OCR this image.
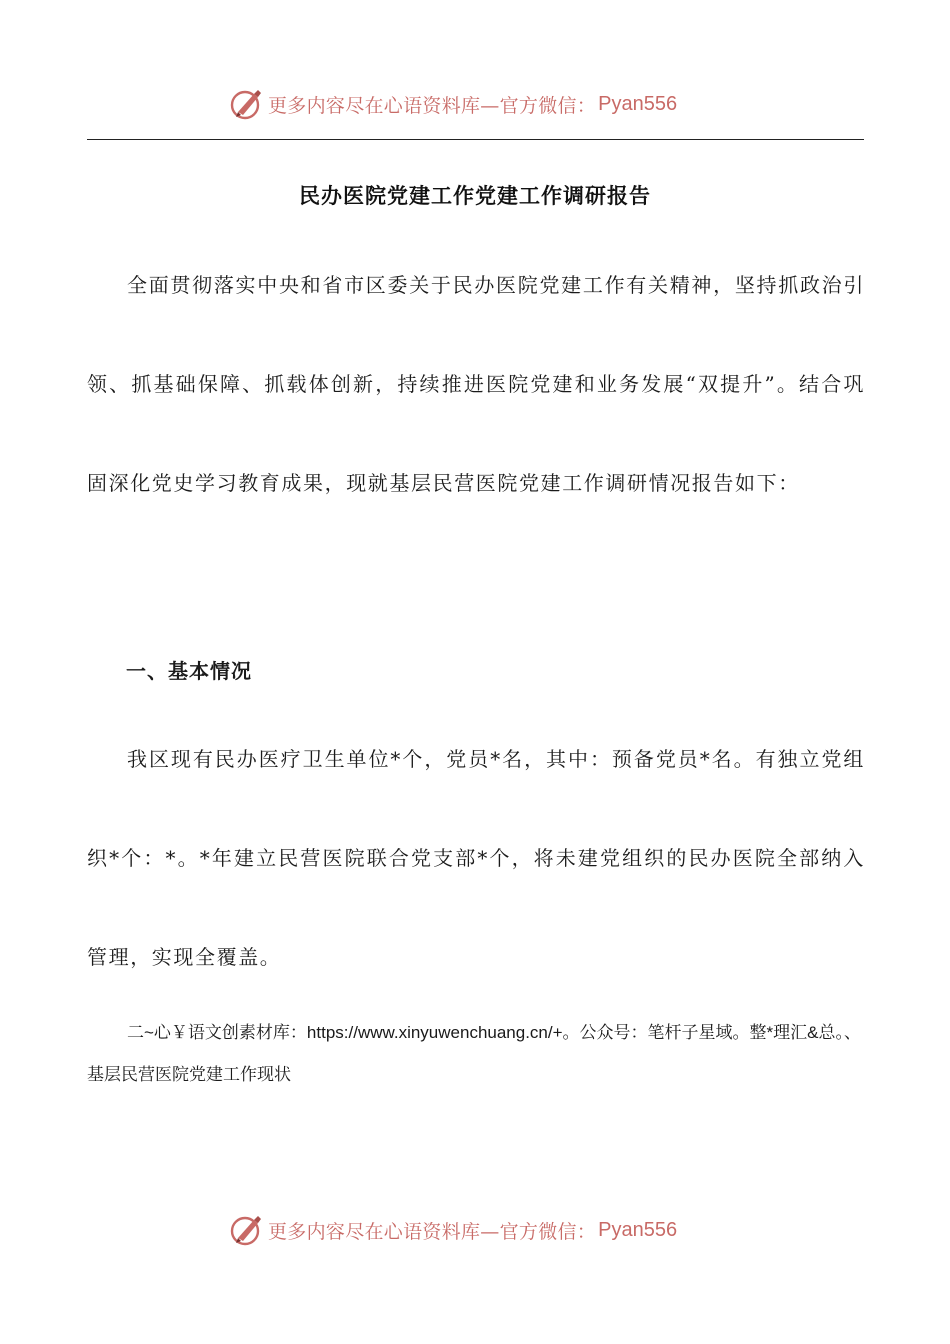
更多内容尽在心语资料库—官方微信： Pyan556
民办医院党建工作党建工作调研报告

全面贯彻落实中央和省市区委关于民办医院党建工作有关精神，坚持抓政治引领、抓基础保障、抓载体创新，持续推进医院党建和业务发展“双提升”。结合巩固深化党史学习教育成果，现就基层民营医院党建工作调研情况报告如下：

一、基本情况

我区现有民办医疗卫生单位*个，党员*名，其中：预备党员*名。有独立党组织*个：*。*年建立民营医院联合党支部*个，将未建党组织的民办医院全部纳入管理，实现全覆盖。

二~心￥语文创素材库：https://www.xinyuwenchuang.cn/+。公众号：笔杆子星域。整*理汇&总。、基层民营医院党建工作现状

更多内容尽在心语资料库—官方微信： Pyan556
